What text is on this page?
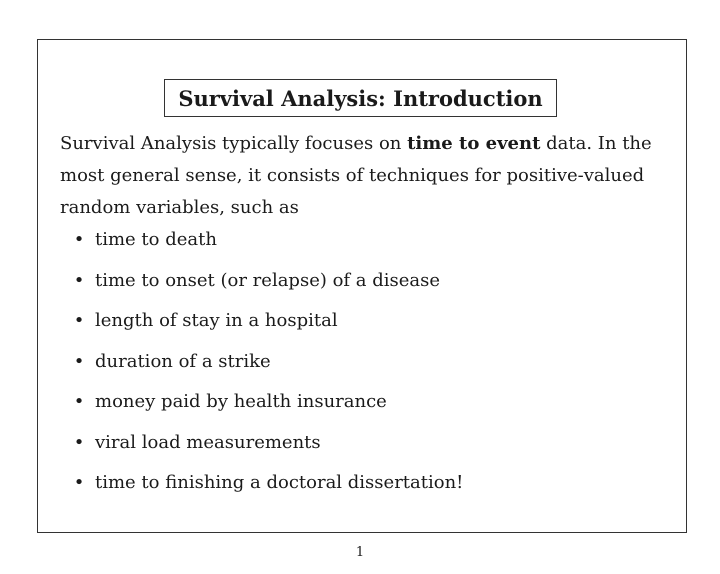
Survival Analysis: Introduction

Survival Analysis typically focuses on time to event data. In the most general sense, it consists of techniques for positive-valued random variables, such as

• time to death
• time to onset (or relapse) of a disease
• length of stay in a hospital
• duration of a strike
• money paid by health insurance
• viral load measurements
• time to finishing a doctoral dissertation!
1
